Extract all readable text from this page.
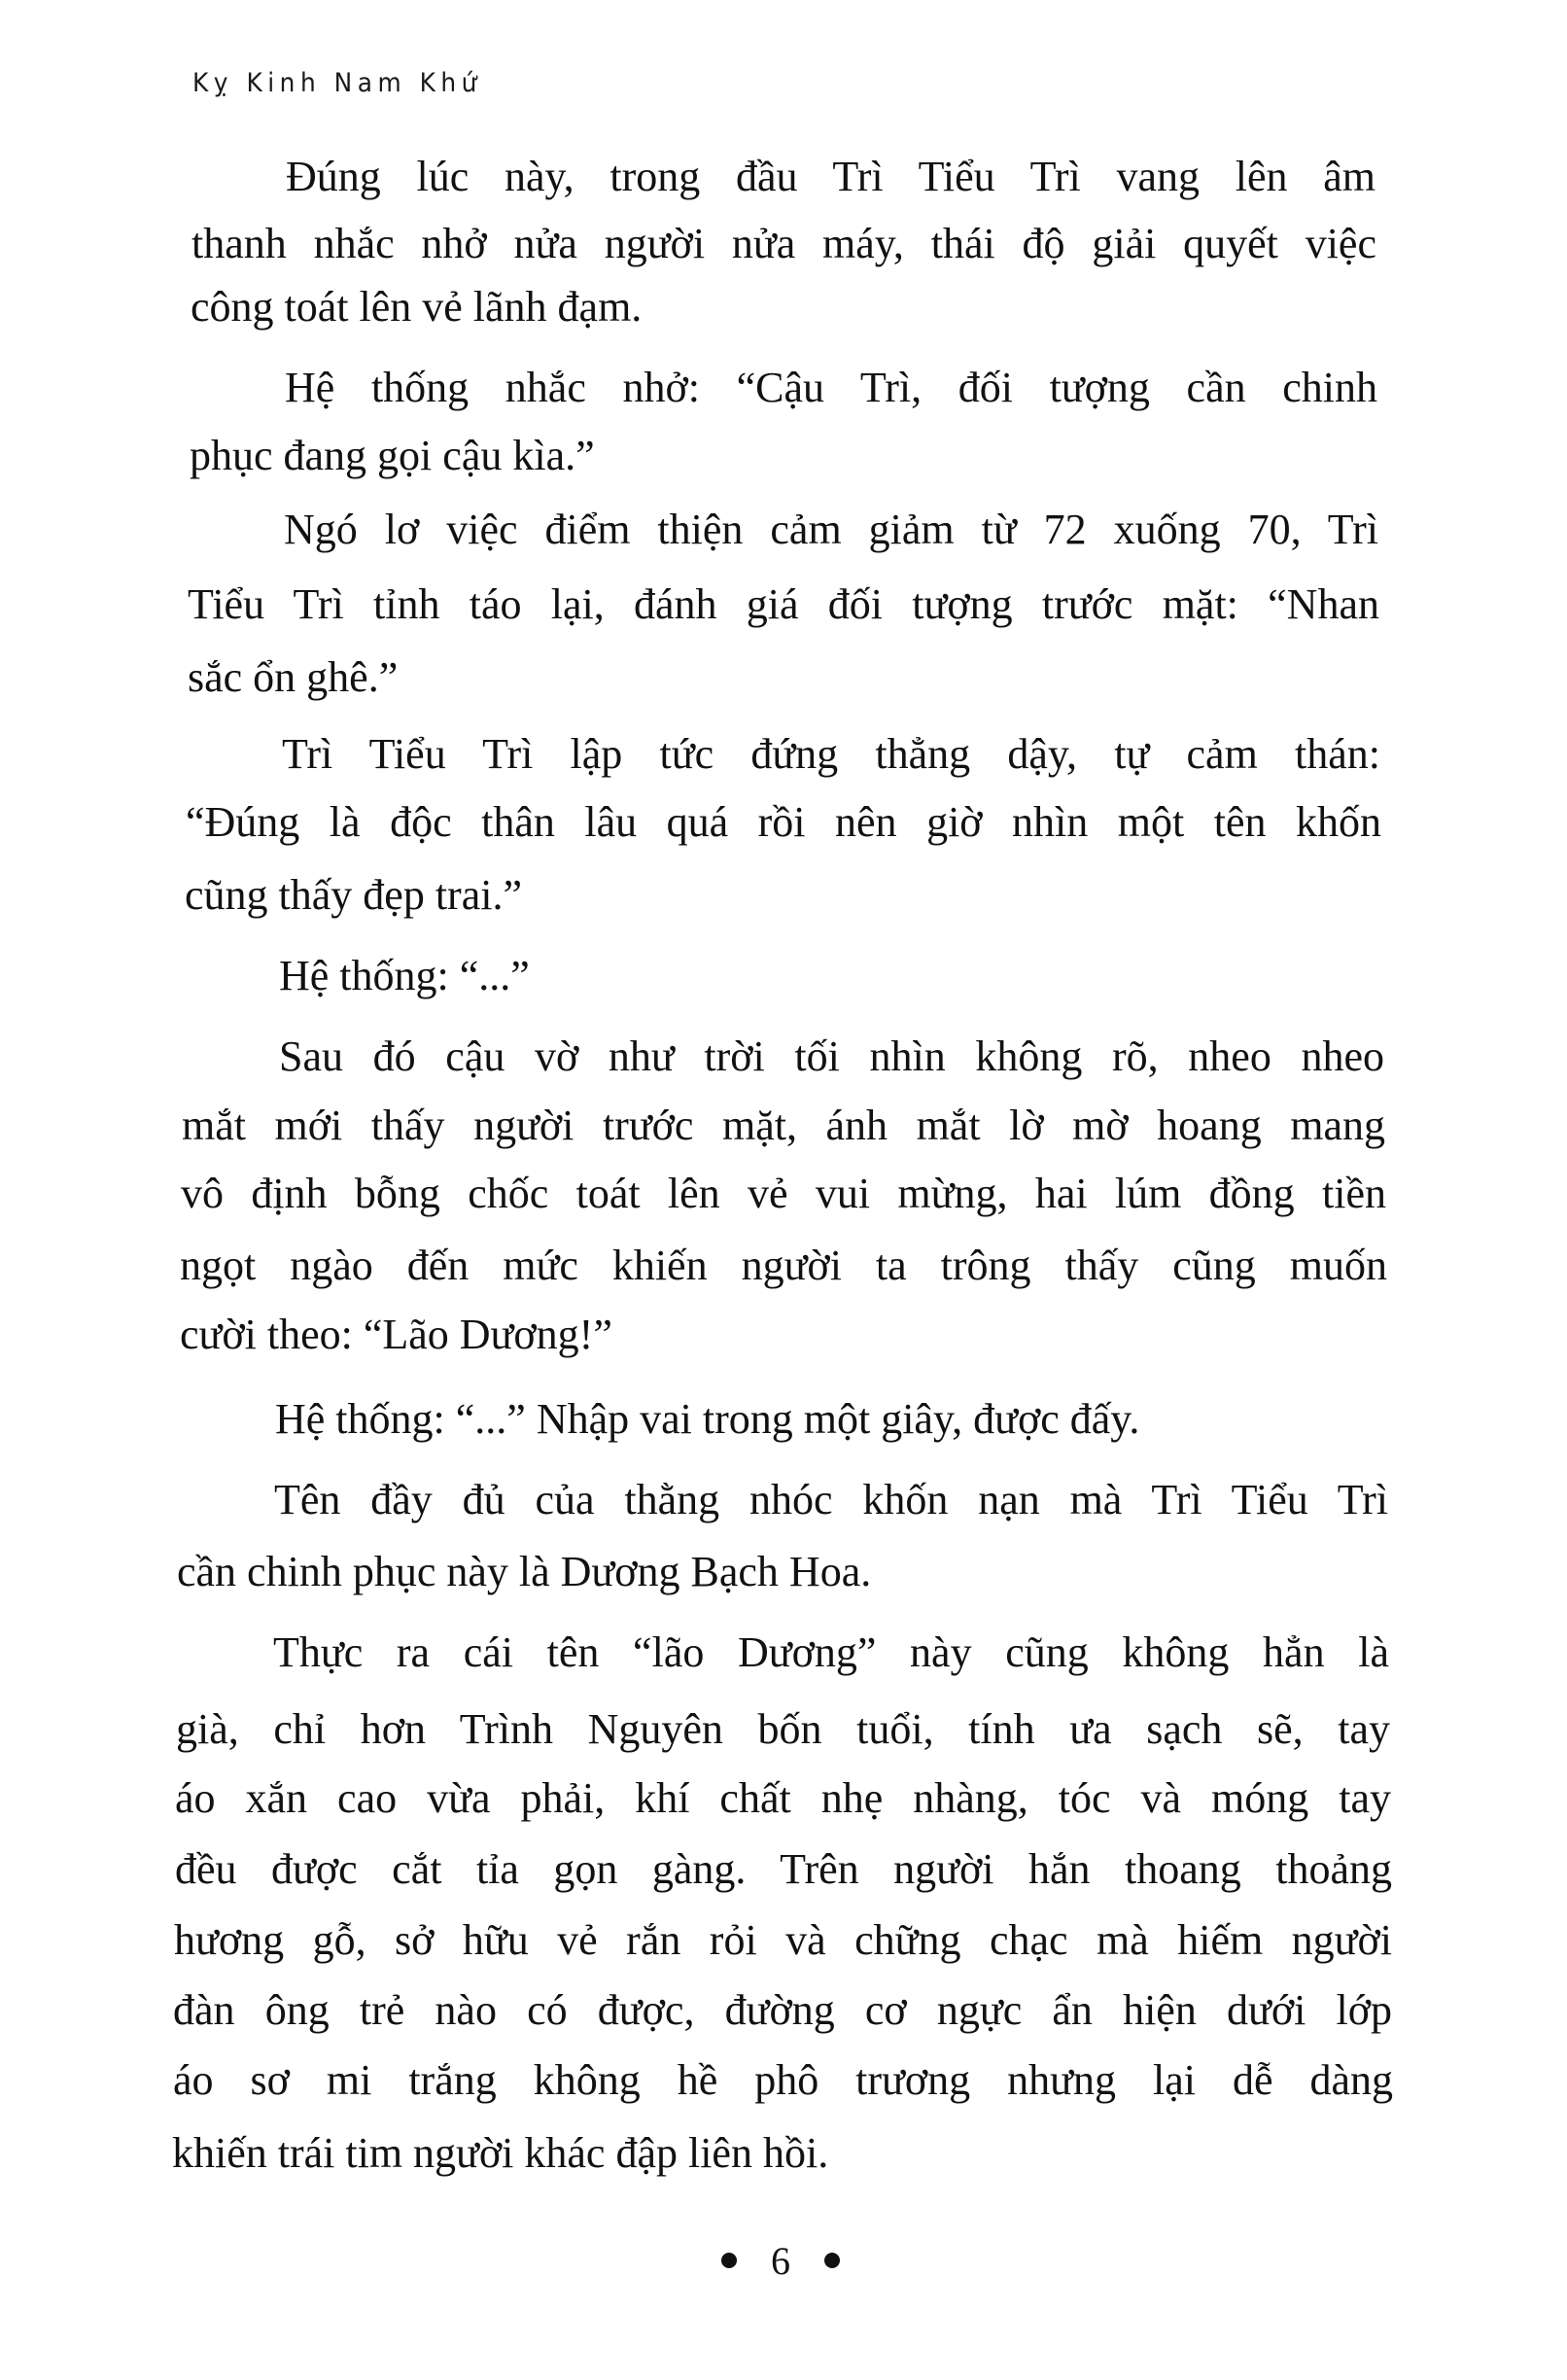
Kỵ Kinh Nam Khứ
Đúng lúc này, trong đầu Trì Tiểu Trì vang lên âm
thanh nhắc nhở nửa người nửa máy, thái độ giải quyết việc
công toát lên vẻ lãnh đạm.
Hệ thống nhắc nhở: “Cậu Trì, đối tượng cần chinh
phục đang gọi cậu kìa.”
Ngó lơ việc điểm thiện cảm giảm từ 72 xuống 70, Trì
Tiểu Trì tỉnh táo lại, đánh giá đối tượng trước mặt: “Nhan
sắc ổn ghê.”
Trì Tiểu Trì lập tức đứng thẳng dậy, tự cảm thán:
“Đúng là độc thân lâu quá rồi nên giờ nhìn một tên khốn
cũng thấy đẹp trai.”
Hệ thống: “...”
Sau đó cậu vờ như trời tối nhìn không rõ, nheo nheo
mắt mới thấy người trước mặt, ánh mắt lờ mờ hoang mang
vô định bỗng chốc toát lên vẻ vui mừng, hai lúm đồng tiền
ngọt ngào đến mức khiến người ta trông thấy cũng muốn
cười theo: “Lão Dương!”
Hệ thống: “...” Nhập vai trong một giây, được đấy.
Tên đầy đủ của thằng nhóc khốn nạn mà Trì Tiểu Trì
cần chinh phục này là Dương Bạch Hoa.
Thực ra cái tên “lão Dương” này cũng không hẳn là
già, chỉ hơn Trình Nguyên bốn tuổi, tính ưa sạch sẽ, tay
áo xắn cao vừa phải, khí chất nhẹ nhàng, tóc và móng tay
đều được cắt tỉa gọn gàng. Trên người hắn thoang thoảng
hương gỗ, sở hữu vẻ rắn rỏi và chững chạc mà hiếm người
đàn ông trẻ nào có được, đường cơ ngực ẩn hiện dưới lớp
áo sơ mi trắng không hề phô trương nhưng lại dễ dàng
khiến trái tim người khác đập liên hồi.
6
